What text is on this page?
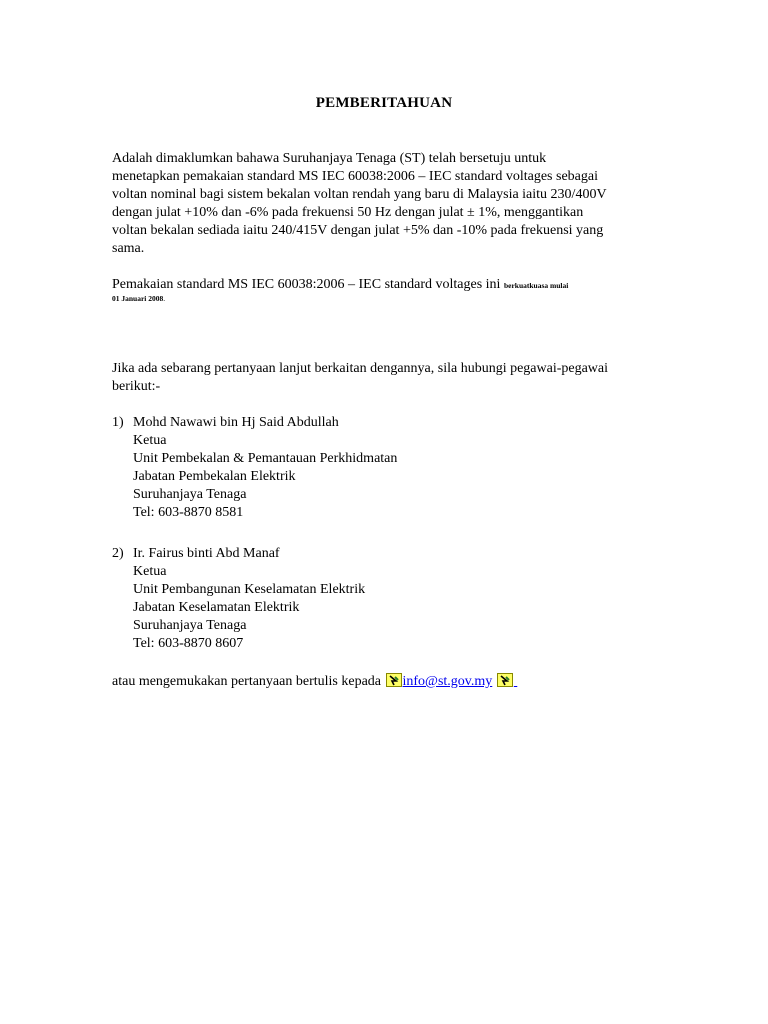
PEMBERITAHUAN
Adalah dimaklumkan bahawa Suruhanjaya Tenaga (ST) telah bersetuju untuk
menetapkan pemakaian standard MS IEC 60038:2006 – IEC standard voltages sebagai
voltan nominal bagi sistem bekalan voltan rendah yang baru di Malaysia iaitu 230/400V
dengan julat +10% dan -6% pada frekuensi 50 Hz dengan julat ± 1%, menggantikan
voltan bekalan sediada iaitu 240/415V dengan julat +5% dan -10% pada frekuensi yang
sama.
Pemakaian standard MS IEC 60038:2006 – IEC standard voltages ini berkuatkuasa mulai
01 Januari 2008.
Jika ada sebarang pertanyaan lanjut berkaitan dengannya, sila hubungi pegawai-pegawai
berikut:-
1) Mohd Nawawi bin Hj Said Abdullah
Ketua
Unit Pembekalan & Pemantauan Perkhidmatan
Jabatan Pembekalan Elektrik
Suruhanjaya Tenaga
Tel: 603-8870 8581
2) Ir. Fairus binti Abd Manaf
Ketua
Unit Pembangunan Keselamatan Elektrik
Jabatan Keselamatan Elektrik
Suruhanjaya Tenaga
Tel: 603-8870 8607
atau mengemukakan pertanyaan bertulis kepada info@st.gov.my
